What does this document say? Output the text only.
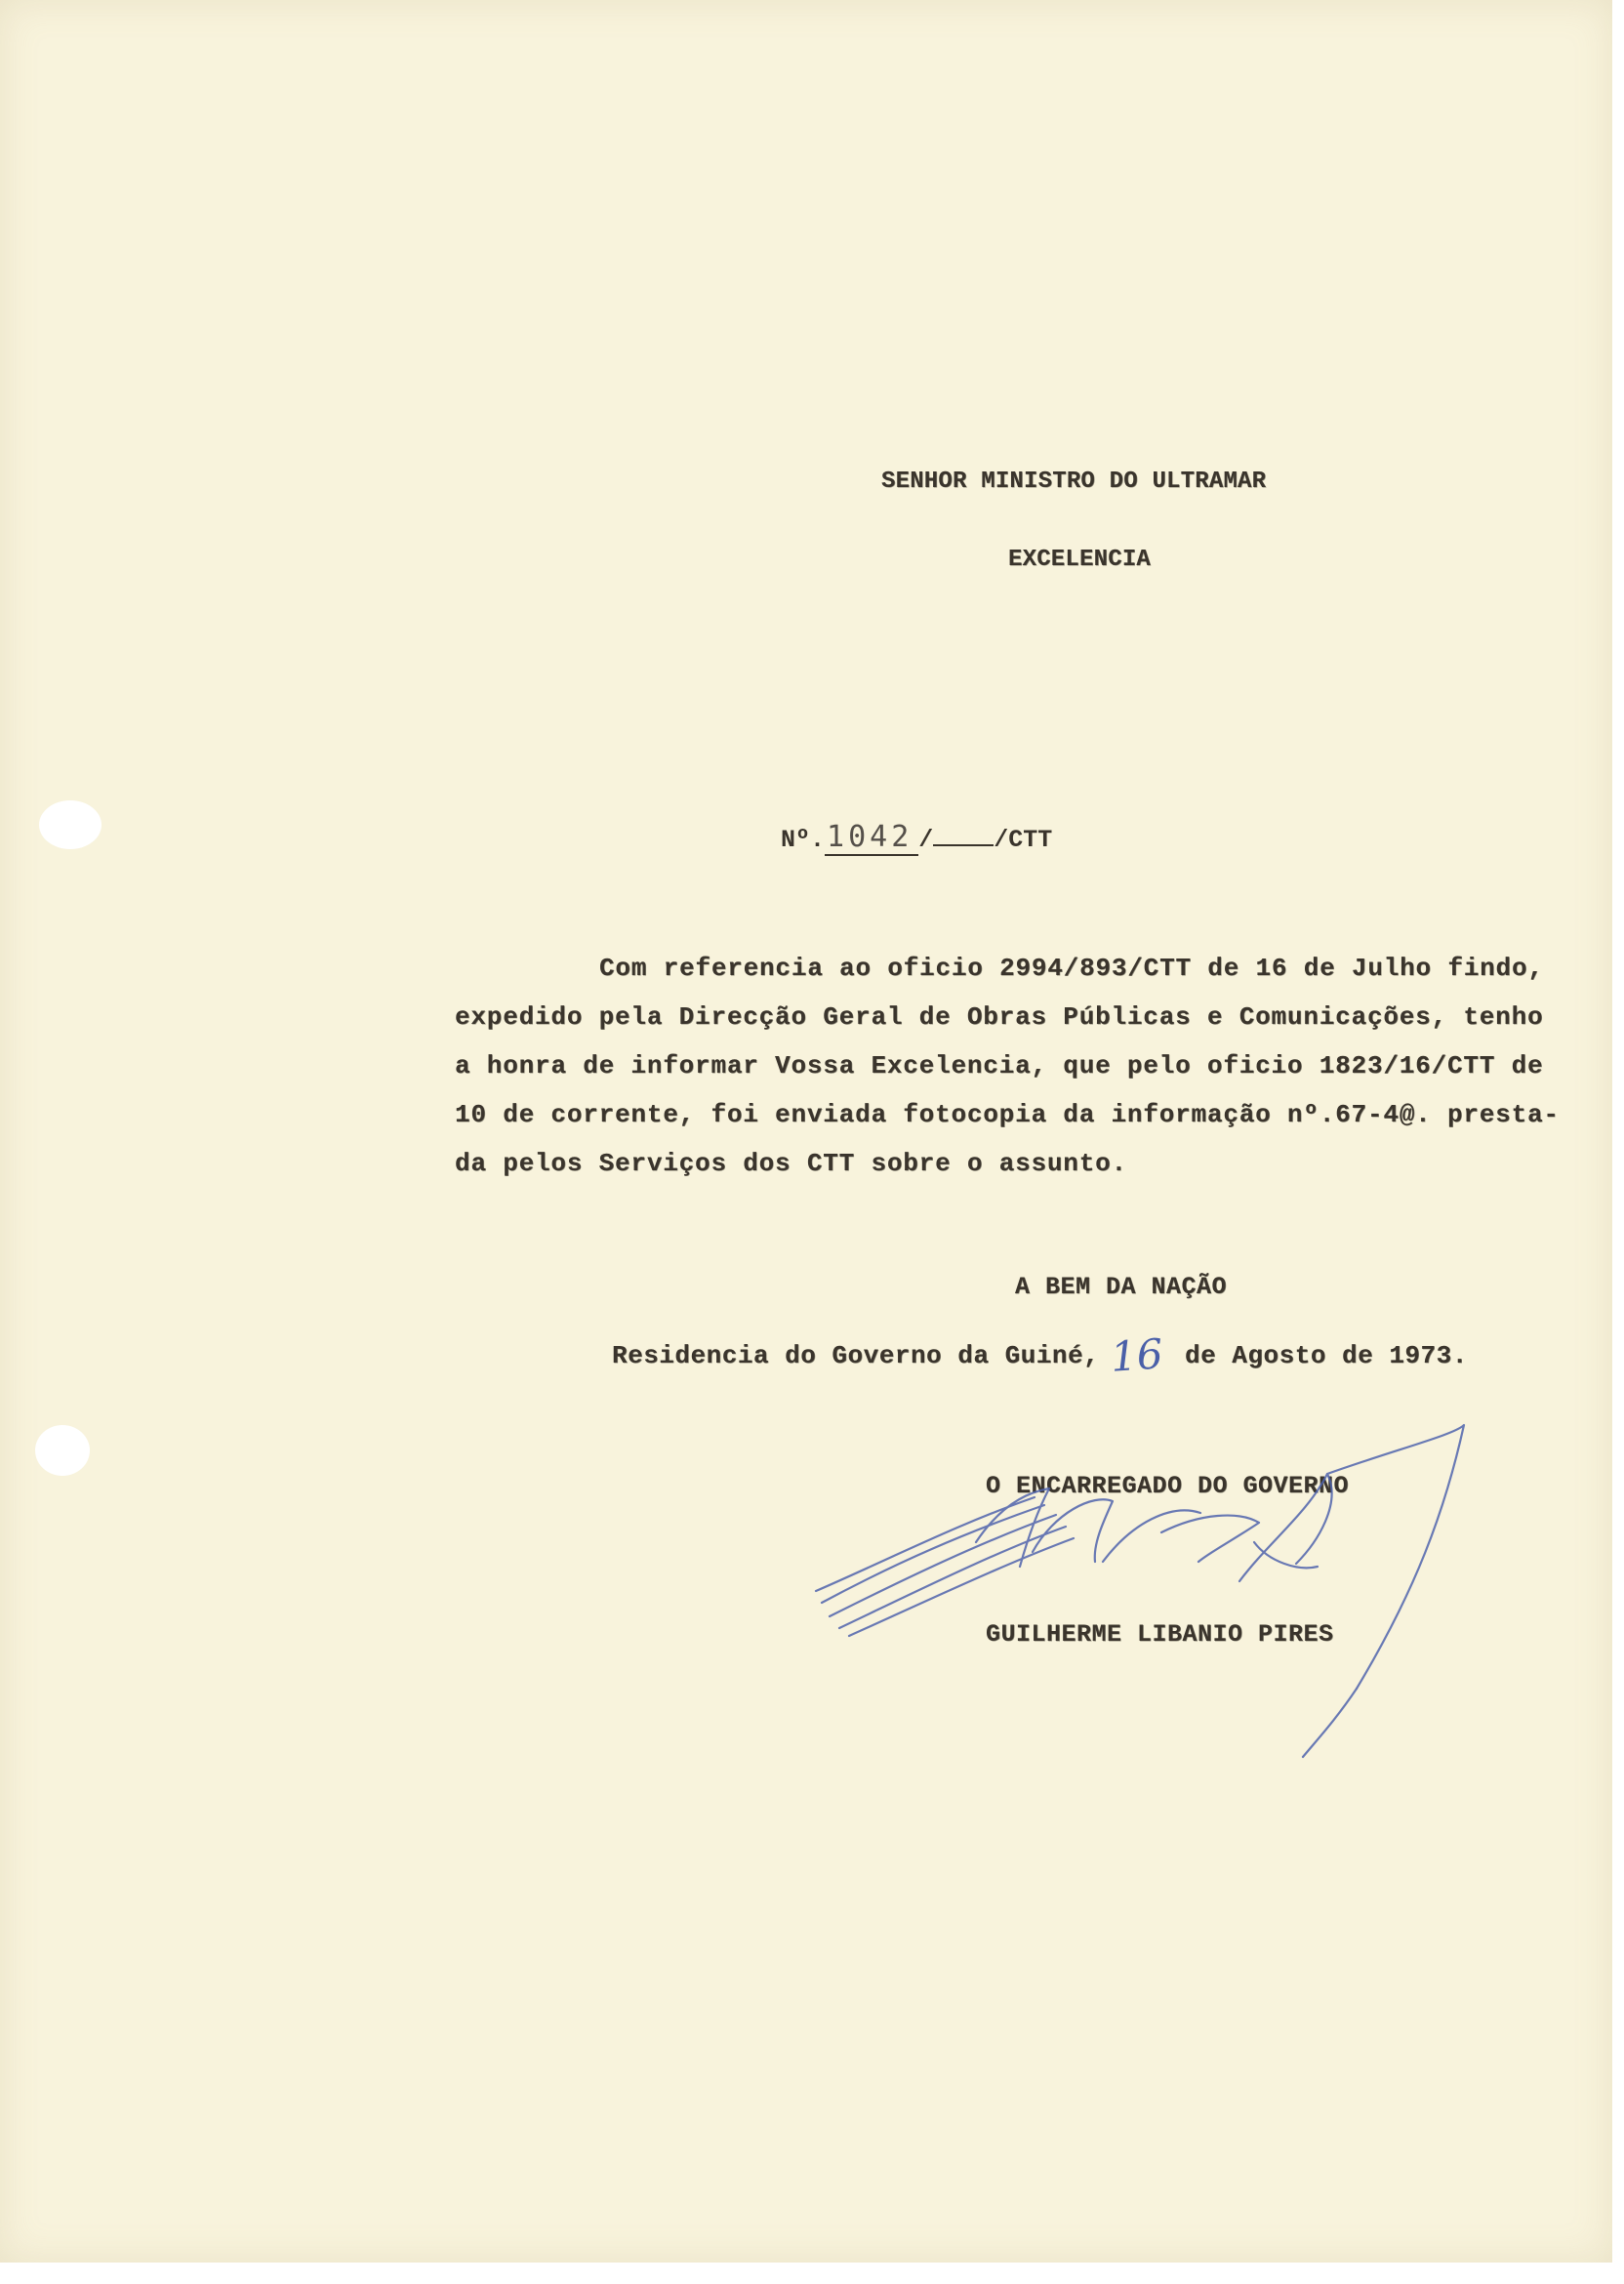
SENHOR MINISTRO DO ULTRAMAR
EXCELENCIA
Nº.1042 / /CTT
Com referencia ao oficio 2994/893/CTT de 16 de Julho findo,
expedido pela Direcção Geral de Obras Públicas e Comunicações, tenho
a honra de informar Vossa Excelencia, que pelo oficio 1823/16/CTT de
10 de corrente, foi enviada fotocopia da informação nº.67-4@. presta-
da pelos Serviços dos CTT sobre o assunto.
A BEM DA NAÇÃO
Residencia do Governo da Guiné, 16 de Agosto de 1973.
O ENCARREGADO DO GOVERNO
GUILHERME LIBANIO PIRES
